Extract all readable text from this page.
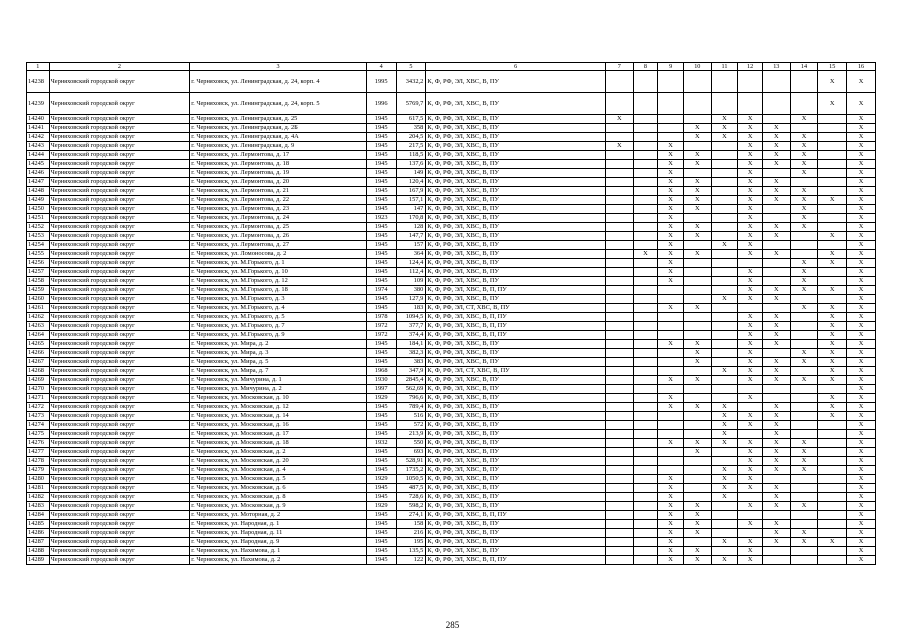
1	2	3	4	5	6	7	8	9	10	11	12	13	14	15	16
14238	Черняховский городской округ	г. Черняховск, ул. Ленинградская, д. 24, корп. 4	1995	3432,2	К, Ф, РФ, ЭЛ, ХВС, В, ПУ									X	X
14239	Черняховский городской округ	г. Черняховск, ул. Ленинградская, д. 24, корп. 5	1996	5769,7	К, Ф, РФ, ЭЛ, ХВС, В, ПУ									X	X
14240	Черняховский городской округ	г. Черняховск, ул. Ленинградская, д. 25	1945	617,5	К, Ф, РФ, ЭЛ, ХВС, В, ПУ	X				X	X		X		X
14241	Черняховский городской округ	г. Черняховск, ул. Ленинградская, д. 2Б	1945	358	К, Ф, РФ, ЭЛ, ХВС, В, ПУ				X	X	X	X			X
14242	Черняховский городской округ	г. Черняховск, ул. Ленинградская, д. 4А	1945	204,5	К, Ф, РФ, ЭЛ, ХВС, В, ПУ				X	X	X	X	X		X
14243	Черняховский городской округ	г. Черняховск, ул. Ленинградская, д. 9	1945	217,5	К, Ф, РФ, ЭЛ, ХВС, В, ПУ	X		X			X	X	X		X
14244	Черняховский городской округ	г. Черняховск, ул. Лермонтова, д. 17	1945	118,5	К, Ф, РФ, ЭЛ, ХВС, В, ПУ			X	X		X	X	X		X
14245	Черняховский городской округ	г. Черняховск, ул. Лермонтова, д. 18	1945	137,6	К, Ф, РФ, ЭЛ, ХВС, В, ПУ			X	X		X	X	X		X
14246	Черняховский городской округ	г. Черняховск, ул. Лермонтова, д. 19	1945	149	К, Ф, РФ, ЭЛ, ХВС, В, ПУ			X			X		X		X
14247	Черняховский городской округ	г. Черняховск, ул. Лермонтова, д. 20	1945	120,4	К, Ф, РФ, ЭЛ, ХВС, В, ПУ			X	X		X	X			X
14248	Черняховский городской округ	г. Черняховск, ул. Лермонтова, д. 21	1945	167,9	К, Ф, РФ, ЭЛ, ХВС, В, ПУ			X	X		X	X	X		X
14249	Черняховский городской округ	г. Черняховск, ул. Лермонтова, д. 22	1945	157,1	К, Ф, РФ, ЭЛ, ХВС, В, ПУ			X	X		X	X	X	X	X
14250	Черняховский городской округ	г. Черняховск, ул. Лермонтова, д. 23	1945	147	К, Ф, РФ, ЭЛ, ХВС, В, ПУ			X	X		X		X		X
14251	Черняховский городской округ	г. Черняховск, ул. Лермонтова, д. 24	1923	170,8	К, Ф, РФ, ЭЛ, ХВС, В, ПУ			X			X		X		X
14252	Черняховский городской округ	г. Черняховск, ул. Лермонтова, д. 25	1945	128	К, Ф, РФ, ЭЛ, ХВС, В, ПУ			X	X		X	X	X		X
14253	Черняховский городской округ	г. Черняховск, ул. Лермонтова, д. 26	1945	147,7	К, Ф, РФ, ЭЛ, ХВС, В, ПУ			X	X		X	X		X	X
14254	Черняховский городской округ	г. Черняховск, ул. Лермонтова, д. 27	1945	157	К, Ф, РФ, ЭЛ, ХВС, В, ПУ			X		X	X				X
14255	Черняховский городской округ	г. Черняховск, ул. Ломоносова, д. 2	1945	364	К, Ф, РФ, ЭЛ, ХВС, В, ПУ		X	X	X		X	X		X	X
14256	Черняховский городской округ	г. Черняховск, ул. М.Горького, д. 1	1945	124,4	К, Ф, РФ, ЭЛ, ХВС, В, ПУ			X					X	X	X
14257	Черняховский городской округ	г. Черняховск, ул. М.Горького, д. 10	1945	112,4	К, Ф, РФ, ЭЛ, ХВС, В, ПУ			X			X		X		X
14258	Черняховский городской округ	г. Черняховск, ул. М.Горького, д. 12	1945	109	К, Ф, РФ, ЭЛ, ХВС, В, ПУ			X			X		X		X
14259	Черняховский городской округ	г. Черняховск, ул. М.Горького, д. 18	1974	380	К, Ф, РФ, ЭЛ, ХВС, В, П, ПУ						X	X	X	X	X
14260	Черняховский городской округ	г. Черняховск, ул. М.Горького, д. 3	1945	127,9	К, Ф, РФ, ЭЛ, ХВС, В, ПУ					X	X	X			X
14261	Черняховский городской округ	г. Черняховск, ул. М.Горького, д. 4	1945	183	К, Ф, РФ, ЭЛ, СТ, ХВС, В, ПУ			X	X				X	X	X
14262	Черняховский городской округ	г. Черняховск, ул. М.Горького, д. 5	1978	1094,5	К, Ф, РФ, ЭЛ, ХВС, В, П, ПУ						X	X		X	X
14263	Черняховский городской округ	г. Черняховск, ул. М.Горького, д. 7	1972	377,7	К, Ф, РФ, ЭЛ, ХВС, В, П, ПУ						X	X		X	X
14264	Черняховский городской округ	г. Черняховск, ул. М.Горького, д. 9	1972	374,4	К, Ф, РФ, ЭЛ, ХВС, В, П, ПУ						X	X		X	X
14265	Черняховский городской округ	г. Черняховск, ул. Мира, д. 2	1945	184,1	К, Ф, РФ, ЭЛ, ХВС, В, ПУ			X	X		X	X		X	X
14266	Черняховский городской округ	г. Черняховск, ул. Мира, д. 3	1945	382,3	К, Ф, РФ, ЭЛ, ХВС, В, ПУ				X		X		X	X	X
14267	Черняховский городской округ	г. Черняховск, ул. Мира, д. 5	1945	383	К, Ф, РФ, ЭЛ, ХВС, В, ПУ				X		X	X	X	X	X
14268	Черняховский городской округ	г. Черняховск, ул. Мира, д. 7	1968	347,9	К, Ф, РФ, ЭЛ, СТ, ХВС, В, ПУ					X	X	X		X	X
14269	Черняховский городской округ	г. Черняховск, ул. Мичурина, д. 1	1930	2845,4	К, Ф, РФ, ЭЛ, ХВС, В, ПУ			X	X		X	X	X	X	X
14270	Черняховский городской округ	г. Черняховск, ул. Мичурина, д. 2	1997	562,69	К, Ф, РФ, ЭЛ, ХВС, В, ПУ										X
14271	Черняховский городской округ	г. Черняховск, ул. Московская, д. 10	1929	796,6	К, Ф, РФ, ЭЛ, ХВС, В, ПУ			X			X			X	X
14272	Черняховский городской округ	г. Черняховск, ул. Московская, д. 12	1945	789,4	К, Ф, РФ, ЭЛ, ХВС, В, ПУ			X	X	X		X		X	X
14273	Черняховский городской округ	г. Черняховск, ул. Московская, д. 14	1945	516	К, Ф, РФ, ЭЛ, ХВС, В, ПУ					X	X	X		X	X
14274	Черняховский городской округ	г. Черняховск, ул. Московская, д. 16	1945	572	К, Ф, РФ, ЭЛ, ХВС, В, ПУ					X	X	X			X
14275	Черняховский городской округ	г. Черняховск, ул. Московская, д. 17	1945	213,9	К, Ф, РФ, ЭЛ, ХВС, В, ПУ					X		X			X
14276	Черняховский городской округ	г. Черняховск, ул. Московская, д. 18	1932	550	К, Ф, РФ, ЭЛ, ХВС, В, ПУ			X	X	X	X	X	X		X
14277	Черняховский городской округ	г. Черняховск, ул. Московская, д. 2	1945	693	К, Ф, РФ, ЭЛ, ХВС, В, ПУ				X		X	X	X		X
14278	Черняховский городской округ	г. Черняховск, ул. Московская, д. 20	1945	528,91	К, Ф, РФ, ЭЛ, ХВС, В, ПУ						X	X	X		X
14279	Черняховский городской округ	г. Черняховск, ул. Московская, д. 4	1945	1735,2	К, Ф, РФ, ЭЛ, ХВС, В, ПУ					X	X	X	X		X
14280	Черняховский городской округ	г. Черняховск, ул. Московская, д. 5	1929	1050,5	К, Ф, РФ, ЭЛ, ХВС, В, ПУ			X		X	X				X
14281	Черняховский городской округ	г. Черняховск, ул. Московская, д. 6	1945	487,5	К, Ф, РФ, ЭЛ, ХВС, В, ПУ			X		X	X	X			X
14282	Черняховский городской округ	г. Черняховск, ул. Московская, д. 8	1945	728,6	К, Ф, РФ, ЭЛ, ХВС, В, ПУ			X		X		X			X
14283	Черняховский городской округ	г. Черняховск, ул. Московская, д. 9	1929	598,2	К, Ф, РФ, ЭЛ, ХВС, В, ПУ			X	X		X	X	X		X
14284	Черняховский городской округ	г. Черняховск, ул. Моторная, д. 2	1945	274,1	К, Ф, РФ, ЭЛ, ХВС, В, П, ПУ			X	X						X
14285	Черняховский городской округ	г. Черняховск, ул. Народная, д. 1	1945	158	К, Ф, РФ, ЭЛ, ХВС, В, ПУ			X	X		X	X			X
14286	Черняховский городской округ	г. Черняховск, ул. Народная, д. 11	1945	216	К, Ф, РФ, ЭЛ, ХВС, В, ПУ			X	X			X	X		X
14287	Черняховский городской округ	г. Черняховск, ул. Народная, д. 9	1945	195	К, Ф, РФ, ЭЛ, ХВС, В, ПУ			X		X	X	X	X	X	X
14288	Черняховский городской округ	г. Черняховск, ул. Нахимова, д. 1	1945	135,5	К, Ф, РФ, ЭЛ, ХВС, В, ПУ			X	X		X				X
14289	Черняховский городской округ	г. Черняховск, ул. Нахимова, д. 2	1945	122	К, Ф, РФ, ЭЛ, ХВС, В, П, ПУ			X	X	X	X				X
285
